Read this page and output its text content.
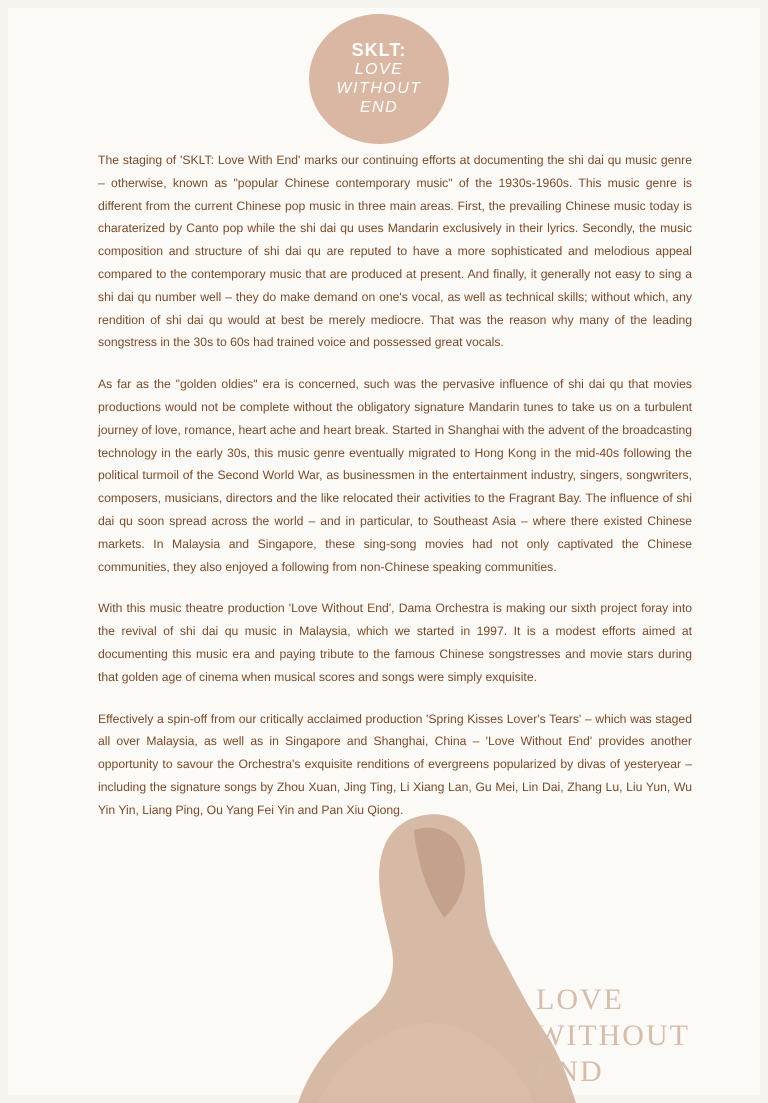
SKLT:
LOVE
WITHOUT
END

The staging of 'SKLT: Love With End' marks our continuing efforts at documenting the shi dai qu music genre – otherwise, known as "popular Chinese contemporary music" of the 1930s-1960s. This music genre is different from the current Chinese pop music in three main areas. First, the prevailing Chinese music today is charaterized by Canto pop while the shi dai qu uses Mandarin exclusively in their lyrics. Secondly, the music composition and structure of shi dai qu are reputed to have a more sophisticated and melodious appeal compared to the contemporary music that are produced at present. And finally, it generally not easy to sing a shi dai qu number well – they do make demand on one's vocal, as well as technical skills; without which, any rendition of shi dai qu would at best be merely mediocre. That was the reason why many of the leading songstress in the 30s to 60s had trained voice and possessed great vocals.

As far as the "golden oldies" era is concerned, such was the pervasive influence of shi dai qu that movies productions would not be complete without the obligatory signature Mandarin tunes to take us on a turbulent journey of love, romance, heart ache and heart break. Started in Shanghai with the advent of the broadcasting technology in the early 30s, this music genre eventually migrated to Hong Kong in the mid-40s following the political turmoil of the Second World War, as businessmen in the entertainment industry, singers, songwriters, composers, musicians, directors and the like relocated their activities to the Fragrant Bay. The influence of shi dai qu soon spread across the world – and in particular, to Southeast Asia – where there existed Chinese markets. In Malaysia and Singapore, these sing-song movies had not only captivated the Chinese communities, they also enjoyed a following from non-Chinese speaking communities.

With this music theatre production 'Love Without End', Dama Orchestra is making our sixth project foray into the revival of shi dai qu music in Malaysia, which we started in 1997. It is a modest efforts aimed at documenting this music era and paying tribute to the famous Chinese songstresses and movie stars during that golden age of cinema when musical scores and songs were simply exquisite.

Effectively a spin-off from our critically acclaimed production 'Spring Kisses Lover's Tears' – which was staged all over Malaysia, as well as in Singapore and Shanghai, China – 'Love Without End' provides another opportunity to savour the Orchestra's exquisite renditions of evergreens popularized by divas of yesteryear – including the signature songs by Zhou Xuan, Jing Ting, Li Xiang Lan, Gu Mei, Lin Dai, Zhang Lu, Liu Yun, Wu Yin Yin, Liang Ping, Ou Yang Fei Yin and Pan Xiu Qiong.

LOVE
WITHOUT
END
